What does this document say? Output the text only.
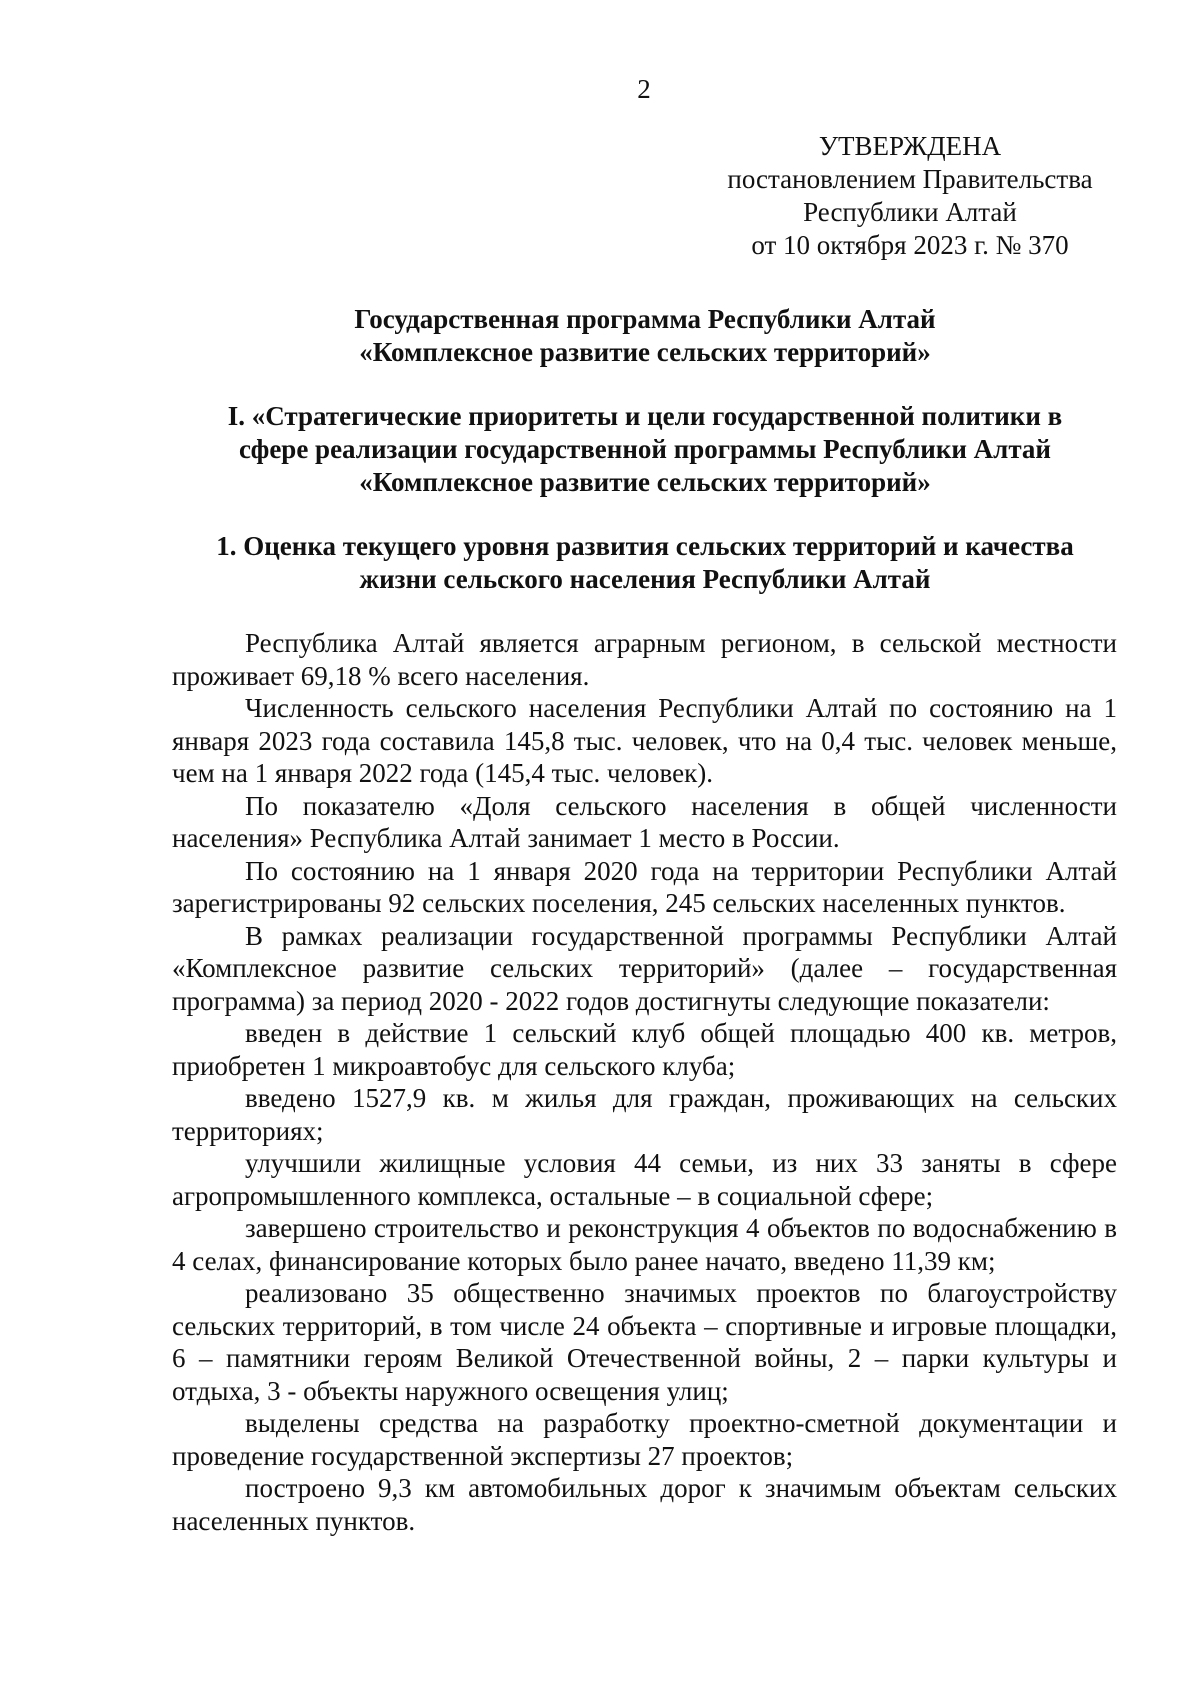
2
УТВЕРЖДЕНА
постановлением Правительства
Республики Алтай
от 10 октября 2023 г. № 370
Государственная программа Республики Алтай
«Комплексное развитие сельских территорий»
I. «Стратегические приоритеты и цели государственной политики в
сфере реализации государственной программы Республики Алтай
«Комплексное развитие сельских территорий»
1. Оценка текущего уровня развития сельских территорий и качества
жизни сельского населения Республики Алтай

Республика Алтай является аграрным регионом, в сельской местности проживает 69,18 % всего населения.

Численность сельского населения Республики Алтай по состоянию на 1 января 2023 года составила 145,8 тыс. человек, что на 0,4 тыс. человек меньше, чем на 1 января 2022 года (145,4 тыс. человек).

По показателю «Доля сельского населения в общей численности населения» Республика Алтай занимает 1 место в России.

По состоянию на 1 января 2020 года на территории Республики Алтай зарегистрированы 92 сельских поселения, 245 сельских населенных пунктов.

В рамках реализации государственной программы Республики Алтай «Комплексное развитие сельских территорий» (далее – государственная программа) за период 2020 - 2022 годов достигнуты следующие показатели:

введен в действие 1 сельский клуб общей площадью 400 кв. метров, приобретен 1 микроавтобус для сельского клуба;

введено 1527,9 кв. м жилья для граждан, проживающих на сельских территориях;

улучшили жилищные условия 44 семьи, из них 33 заняты в сфере агропромышленного комплекса, остальные – в социальной сфере;

завершено строительство и реконструкция 4 объектов по водоснабжению в 4 селах, финансирование которых было ранее начато, введено 11,39 км;

реализовано 35 общественно значимых проектов по благоустройству сельских территорий, в том числе 24 объекта – спортивные и игровые площадки, 6 – памятники героям Великой Отечественной войны, 2 – парки культуры и отдыха, 3 - объекты наружного освещения улиц;

выделены средства на разработку проектно-сметной документации и проведение государственной экспертизы 27 проектов;

построено 9,3 км автомобильных дорог к значимым объектам сельских населенных пунктов.
